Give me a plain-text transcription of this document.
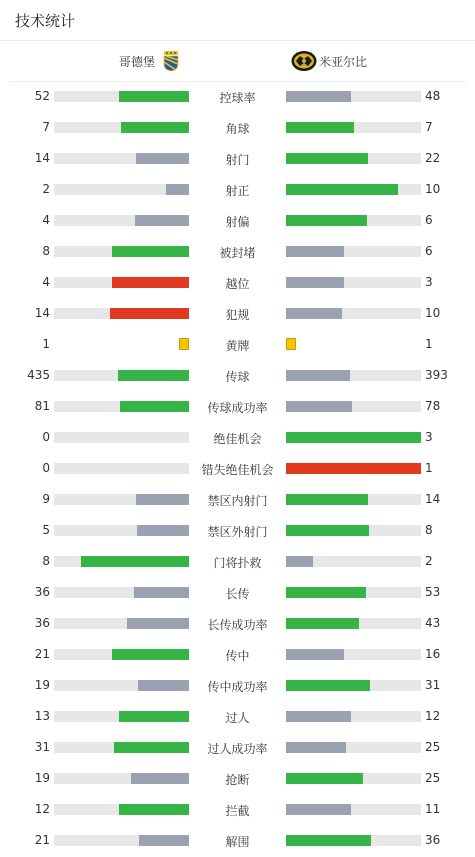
技术统计
哥德堡	米亚尔比
52	控球率	48
7	角球	7
14	射门	22
2	射正	10
4	射偏	6
8	被封堵	6
4	越位	3
14	犯规	10
1	黄牌	1
435	传球	393
81	传球成功率	78
0	绝佳机会	3
0	错失绝佳机会	1
9	禁区内射门	14
5	禁区外射门	8
8	门将扑救	2
36	长传	53
36	长传成功率	43
21	传中	16
19	传中成功率	31
13	过人	12
31	过人成功率	25
19	抢断	25
12	拦截	11
21	解围	36
